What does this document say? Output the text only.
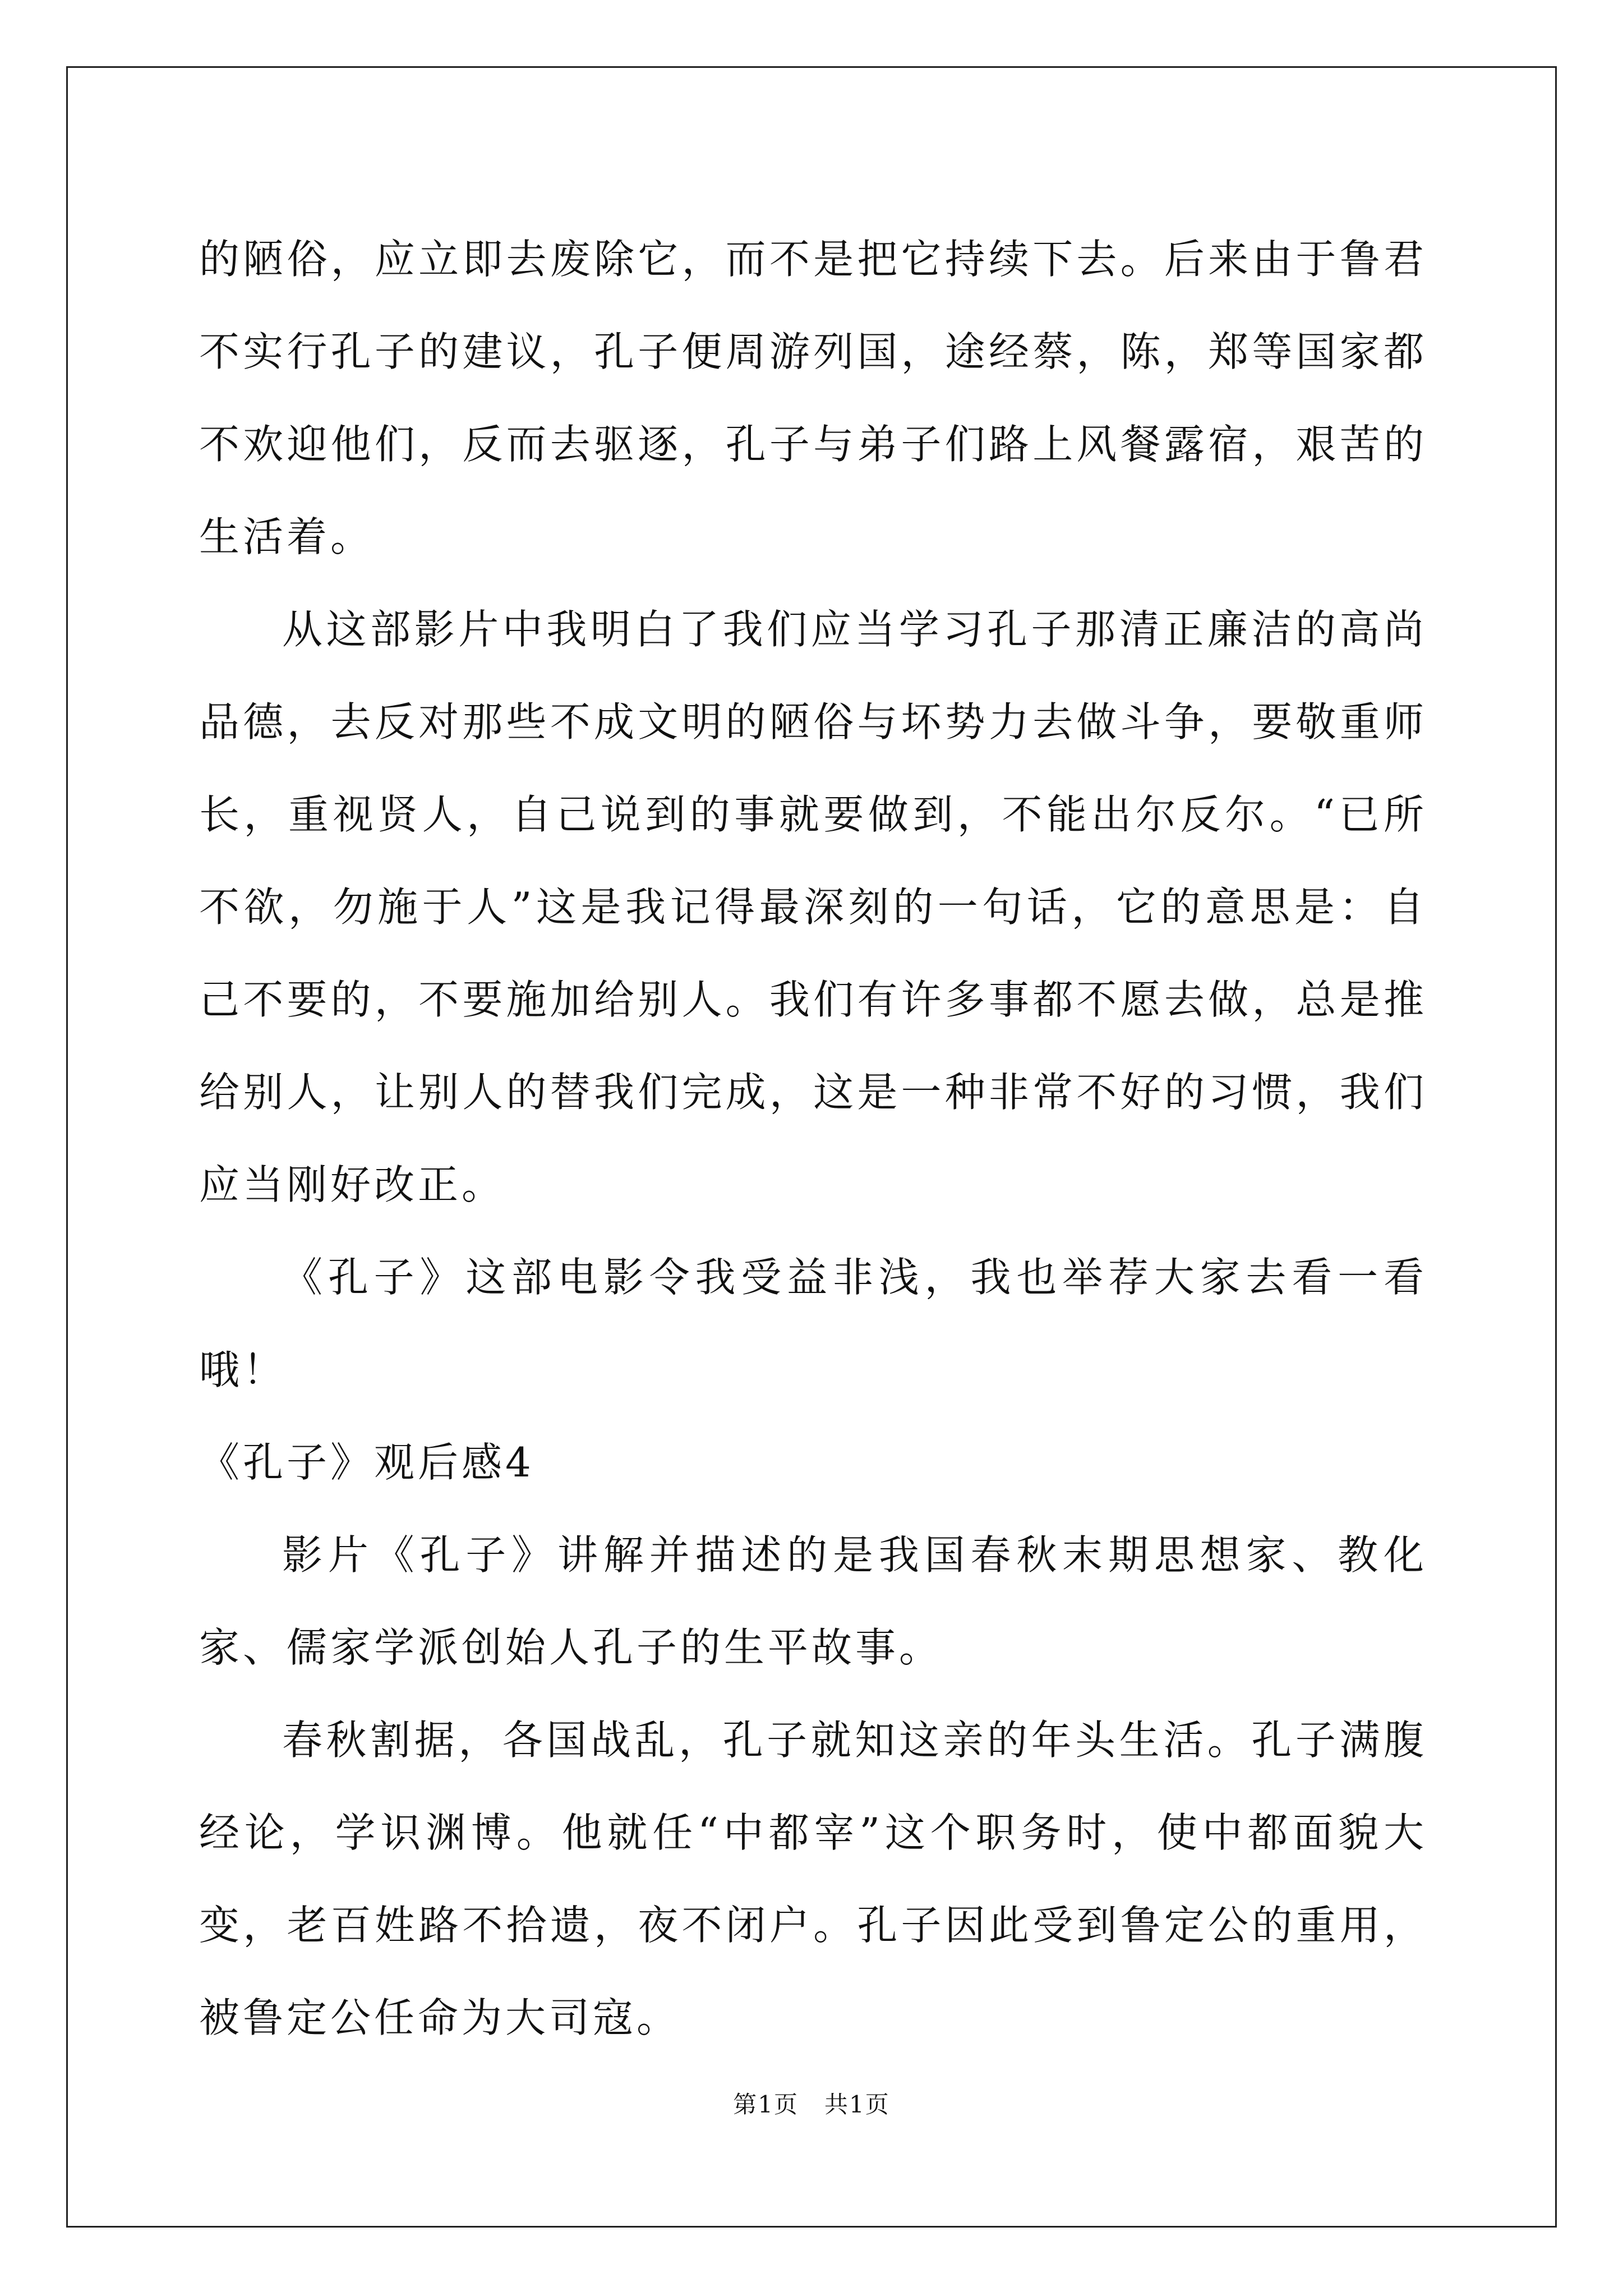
的陋俗，应立即去废除它，而不是把它持续下去。后来由于鲁君不实行孔子的建议，孔子便周游列国，途经蔡，陈，郑等国家都不欢迎他们，反而去驱逐，孔子与弟子们路上风餐露宿，艰苦的生活着。

从这部影片中我明白了我们应当学习孔子那清正廉洁的高尚品德，去反对那些不成文明的陋俗与坏势力去做斗争，要敬重师长，重视贤人，自己说到的事就要做到，不能出尔反尔。“已所不欲，勿施于人”这是我记得最深刻的一句话，它的意思是：自己不要的，不要施加给别人。我们有许多事都不愿去做，总是推给别人，让别人的替我们完成，这是一种非常不好的习惯，我们应当刚好改正。

《孔子》这部电影令我受益非浅，我也举荐大家去看一看哦！

《孔子》观后感4

影片《孔子》讲解并描述的是我国春秋末期思想家、教化家、儒家学派创始人孔子的生平故事。

春秋割据，各国战乱，孔子就知这亲的年头生活。孔子满腹经论，学识渊博。他就任“中都宰”这个职务时，使中都面貌大变，老百姓路不拾遗，夜不闭户。孔子因此受到鲁定公的重用，被鲁定公任命为大司寇。

第1页 共1页
